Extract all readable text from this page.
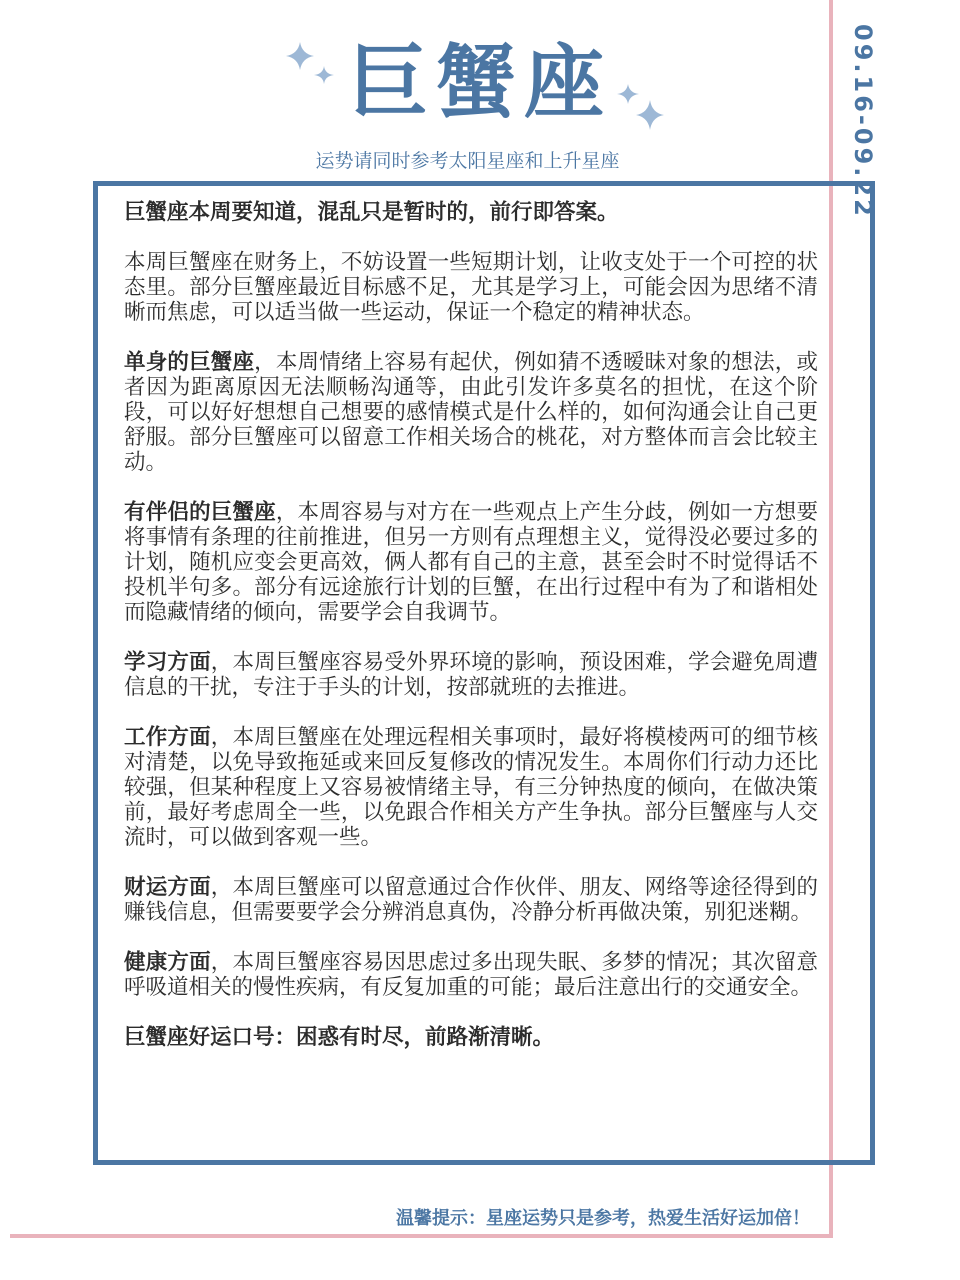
09.16-09.22
巨蟹座
运势请同时参考太阳星座和上升星座

巨蟹座本周要知道，混乱只是暂时的，前行即答案。

本周巨蟹座在财务上，不妨设置一些短期计划，让收支处于一个可控的状态里。部分巨蟹座最近目标感不足，尤其是学习上，可能会因为思绪不清晰而焦虑，可以适当做一些运动，保证一个稳定的精神状态。

单身的巨蟹座，本周情绪上容易有起伏，例如猜不透暧昧对象的想法，或者因为距离原因无法顺畅沟通等，由此引发许多莫名的担忧，在这个阶段，可以好好想想自己想要的感情模式是什么样的，如何沟通会让自己更舒服。部分巨蟹座可以留意工作相关场合的桃花，对方整体而言会比较主动。

有伴侣的巨蟹座，本周容易与对方在一些观点上产生分歧，例如一方想要将事情有条理的往前推进，但另一方则有点理想主义，觉得没必要过多的计划，随机应变会更高效，俩人都有自己的主意，甚至会时不时觉得话不投机半句多。部分有远途旅行计划的巨蟹，在出行过程中有为了和谐相处而隐藏情绪的倾向，需要学会自我调节。

学习方面，本周巨蟹座容易受外界环境的影响，预设困难，学会避免周遭信息的干扰，专注于手头的计划，按部就班的去推进。

工作方面，本周巨蟹座在处理远程相关事项时，最好将模棱两可的细节核对清楚，以免导致拖延或来回反复修改的情况发生。本周你们行动力还比较强，但某种程度上又容易被情绪主导，有三分钟热度的倾向，在做决策前，最好考虑周全一些，以免跟合作相关方产生争执。部分巨蟹座与人交流时，可以做到客观一些。

财运方面，本周巨蟹座可以留意通过合作伙伴、朋友、网络等途径得到的赚钱信息，但需要要学会分辨消息真伪，冷静分析再做决策，别犯迷糊。

健康方面，本周巨蟹座容易因思虑过多出现失眠、多梦的情况；其次留意呼吸道相关的慢性疾病，有反复加重的可能；最后注意出行的交通安全。

巨蟹座好运口号：困惑有时尽，前路渐清晰。

温馨提示：星座运势只是参考，热爱生活好运加倍！
